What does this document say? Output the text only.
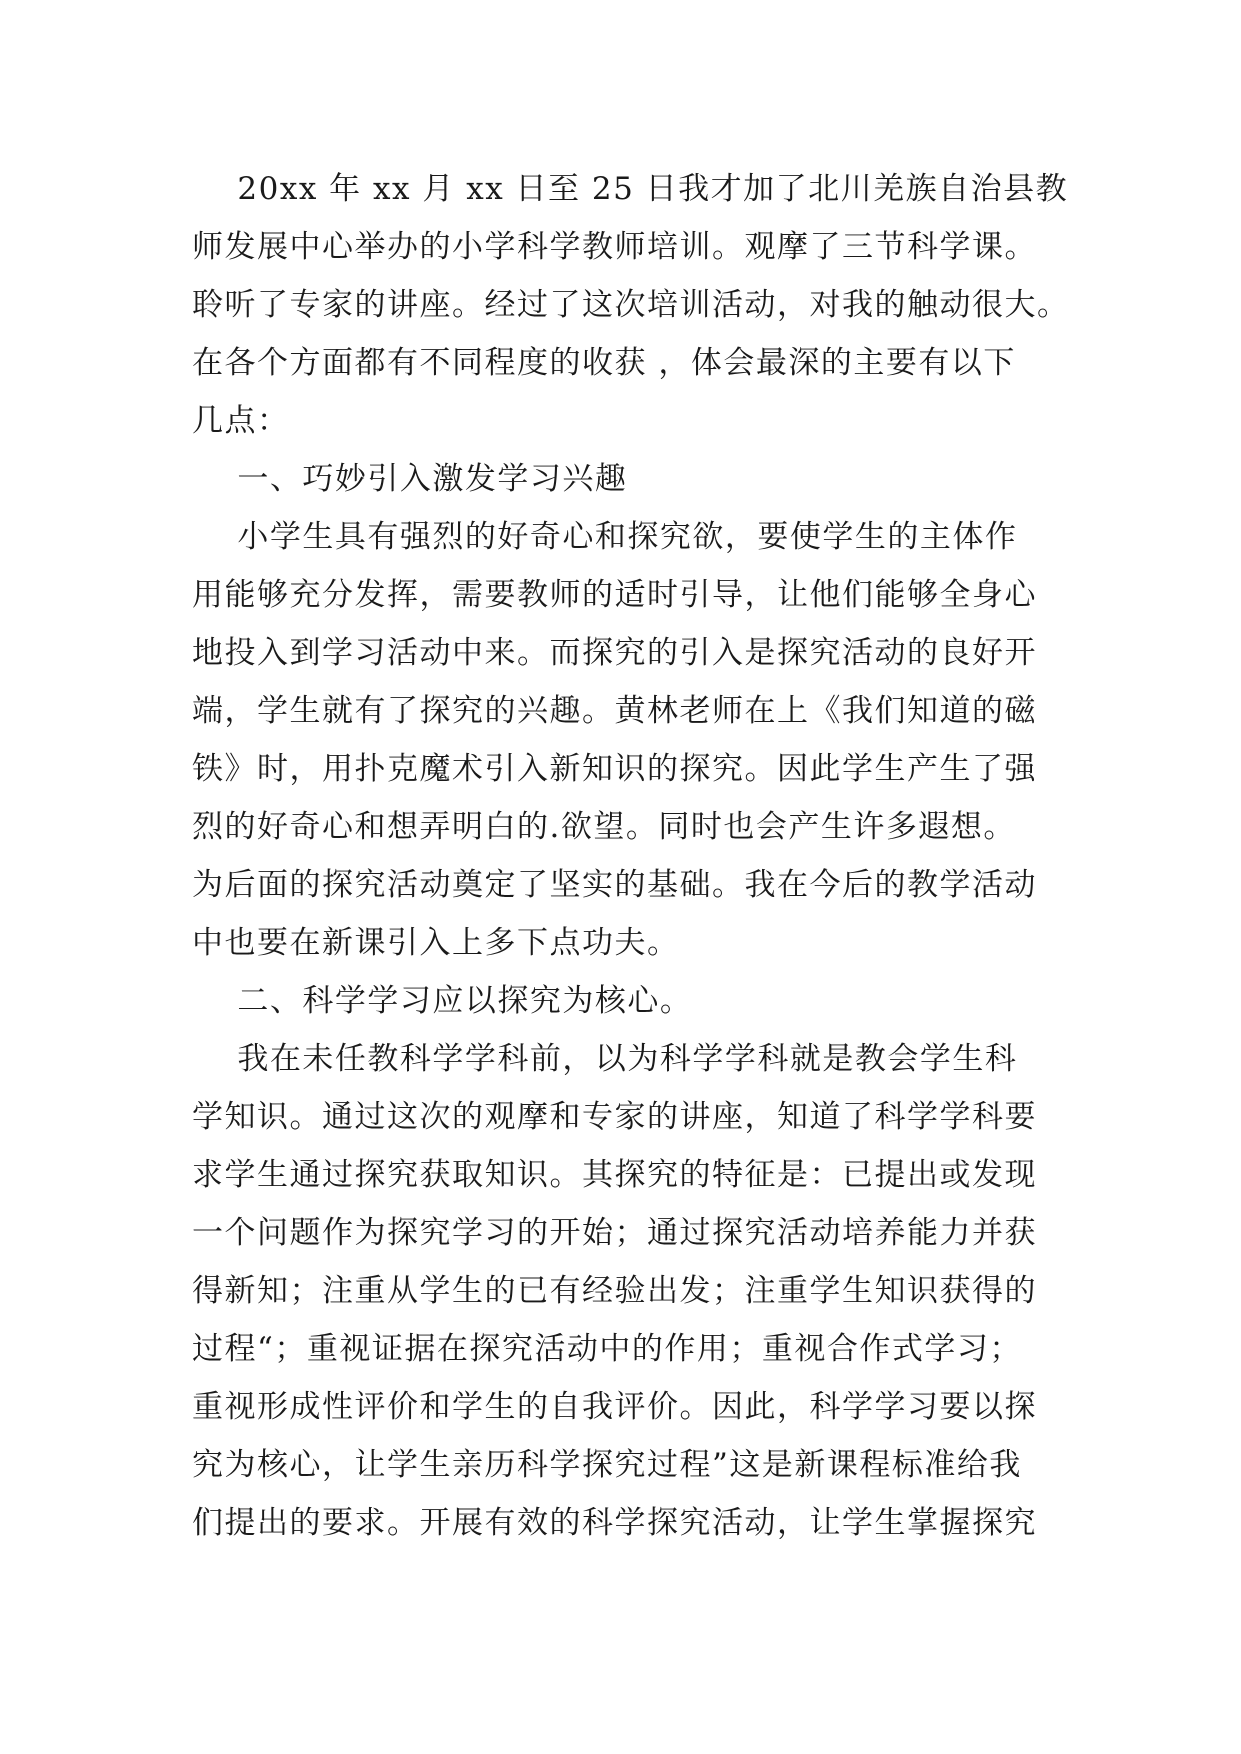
20xx 年 xx 月 xx 日至 25 日我才加了北川羌族自治县教
师发展中心举办的小学科学教师培训。观摩了三节科学课。
聆听了专家的讲座。经过了这次培训活动，对我的触动很大。
在各个方面都有不同程度的收获 ，体会最深的主要有以下
几点：
一、巧妙引入激发学习兴趣
小学生具有强烈的好奇心和探究欲，要使学生的主体作
用能够充分发挥，需要教师的适时引导，让他们能够全身心
地投入到学习活动中来。而探究的引入是探究活动的良好开
端，学生就有了探究的兴趣。黄林老师在上《我们知道的磁
铁》时，用扑克魔术引入新知识的探究。因此学生产生了强
烈的好奇心和想弄明白的.欲望。同时也会产生许多遐想。
为后面的探究活动奠定了坚实的基础。我在今后的教学活动
中也要在新课引入上多下点功夫。
二、科学学习应以探究为核心。
我在未任教科学学科前，以为科学学科就是教会学生科
学知识。通过这次的观摩和专家的讲座，知道了科学学科要
求学生通过探究获取知识。其探究的特征是：已提出或发现
一个问题作为探究学习的开始；通过探究活动培养能力并获
得新知；注重从学生的已有经验出发；注重学生知识获得的
过程“；重视证据在探究活动中的作用；重视合作式学习；
重视形成性评价和学生的自我评价。因此，科学学习要以探
究为核心，让学生亲历科学探究过程”这是新课程标准给我
们提出的要求。开展有效的科学探究活动，让学生掌握探究
